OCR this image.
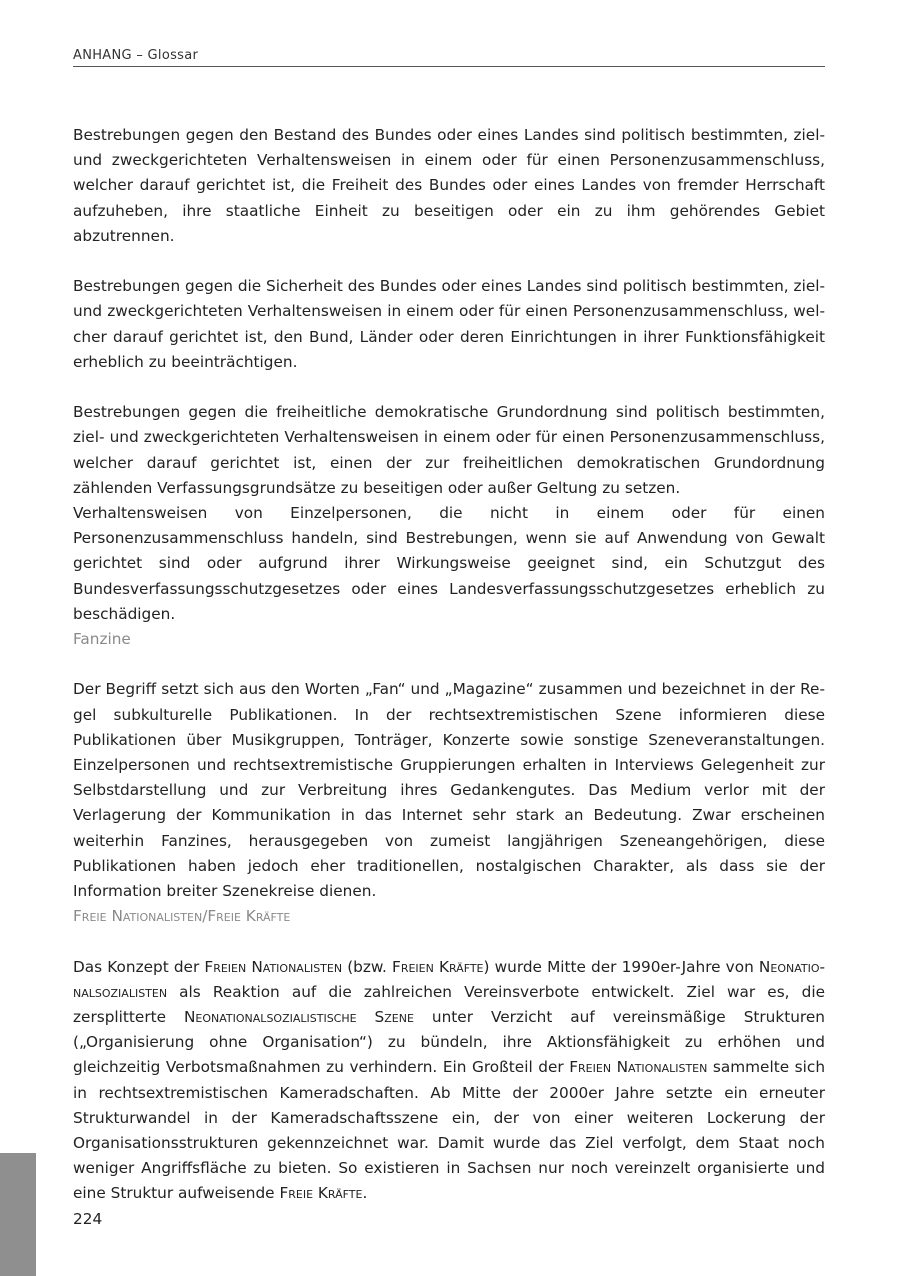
ANHANG – Glossar

Bestrebungen gegen den Bestand des Bundes oder eines Landes sind politisch bestimmten, ziel- und zweckgerichteten Verhaltensweisen in einem oder für einen Personenzusammenschluss, welcher darauf gerichtet ist, die Freiheit des Bundes oder eines Landes von fremder Herrschaft aufzuheben, ihre staatliche Einheit zu beseitigen oder ein zu ihm gehörendes Gebiet abzutrennen.

Bestrebungen gegen die Sicherheit des Bundes oder eines Landes sind politisch bestimmten, ziel- und zweckgerichteten Verhaltensweisen in einem oder für einen Personenzusammenschluss, welcher darauf gerichtet ist, den Bund, Länder oder deren Einrichtungen in ihrer Funktionsfähigkeit erheblich zu beeinträchtigen.

Bestrebungen gegen die freiheitliche demokratische Grundordnung sind politisch bestimmten, ziel- und zweckgerichteten Verhaltensweisen in einem oder für einen Personenzusammenschluss, welcher darauf gerichtet ist, einen der zur freiheitlichen demokratischen Grundordnung zählenden Verfassungsgrundsätze zu beseitigen oder außer Geltung zu setzen.

Verhaltensweisen von Einzelpersonen, die nicht in einem oder für einen Personenzusammenschluss handeln, sind Bestrebungen, wenn sie auf Anwendung von Gewalt gerichtet sind oder aufgrund ihrer Wirkungsweise geeignet sind, ein Schutzgut des Bundesverfassungsschutzgesetzes oder eines Landesverfassungsschutzgesetzes erheblich zu beschädigen.

Fanzine

Der Begriff setzt sich aus den Worten „Fan“ und „Magazine“ zusammen und bezeichnet in der Regel subkulturelle Publikationen. In der rechtsextremistischen Szene informieren diese Publikationen über Musikgruppen, Tonträger, Konzerte sowie sonstige Szeneveranstaltungen. Einzelpersonen und rechtsextremistische Gruppierungen erhalten in Interviews Gelegenheit zur Selbstdarstellung und zur Verbreitung ihres Gedankengutes. Das Medium verlor mit der Verlagerung der Kommunikation in das Internet sehr stark an Bedeutung. Zwar erscheinen weiterhin Fanzines, herausgegeben von zumeist langjährigen Szeneangehörigen, diese Publikationen haben jedoch eher traditionellen, nostalgischen Charakter, als dass sie der Information breiter Szenekreise dienen.

Freie Nationalisten/Freie Kräfte

Das Konzept der Freien Nationalisten (bzw. Freien Kräfte) wurde Mitte der 1990er-Jahre von Neonationalsozialisten als Reaktion auf die zahlreichen Vereinsverbote entwickelt. Ziel war es, die zersplitterte Neonationalsozialistische Szene unter Verzicht auf vereinsmäßige Strukturen („Organisierung ohne Organisation“) zu bündeln, ihre Aktionsfähigkeit zu erhöhen und gleichzeitig Verbotsmaßnahmen zu verhindern. Ein Großteil der Freien Nationalisten sammelte sich in rechtsextremistischen Kameradschaften. Ab Mitte der 2000er Jahre setzte ein erneuter Strukturwandel in der Kameradschaftsszene ein, der von einer weiteren Lockerung der Organisationsstrukturen gekennzeichnet war. Damit wurde das Ziel verfolgt, dem Staat noch weniger Angriffsfläche zu bieten. So existieren in Sachsen nur noch vereinzelt organisierte und eine Struktur aufweisende Freie Kräfte.

224
